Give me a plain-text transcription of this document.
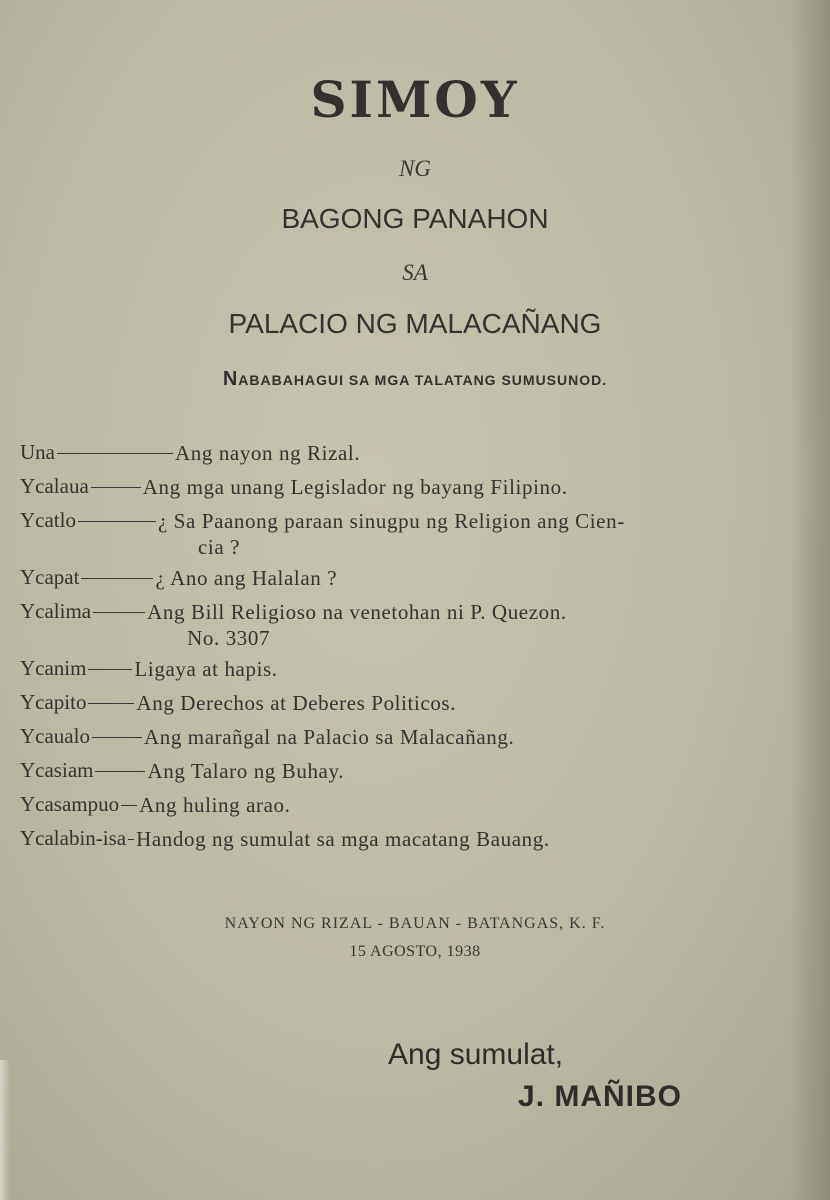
SIMOY
NG
BAGONG PANAHON
SA
PALACIO NG MALACAÑANG
NABABAHAGUI SA MGA TALATANG SUMUSUNOD.
Una	Ang nayon ng Rizal.
Ycalaua	Ang mga unang Legislador ng bayang Filipino.
Ycatlo	¿ Sa Paanong paraan sinugpu ng Religion ang Cien-
cia ?
Ycapat	¿ Ano ang Halalan ?
Ycalima	Ang Bill Religioso na venetohan ni P. Quezon.
No. 3307
Ycanim Ligaya at hapis.
Ycapito Ang Derechos at Deberes Politicos.
Ycaualo	Ang marañgal na Palacio sa Malacañang.
Ycasiam	Ang Talaro ng Buhay.
Ycasampuo Ang huling arao.
Ycalabin-isa Handog ng sumulat sa mga macatang Bauang.
NAYON NG RIZAL - BAUAN - BATANGAS, K. F.
15 AGOSTO, 1938
Ang sumulat,
J. MAÑIBO
